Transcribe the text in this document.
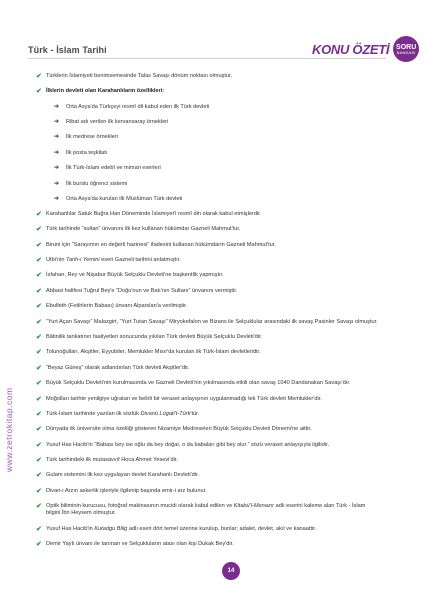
Türk - İslam Tarihi	KONU ÖZETİ SORU
BANKASI
www.zetrokitap.com
✔ Türklerin İslamiyeti benimsemesinde Talas Savaşı dönüm noktası olmuştur.
✔ İlklerin devleti olan Karahanlıların özellikleri:
➔	Orta Asya'da Türkçeyi resmî dil kabul eden ilk Türk devleti
➔	Ribat adı verilen ilk kervansaray örnekleri
➔	İlk medrese örnekleri
➔	İlk posta teşkilatı
➔	İlk Türk-İslam edebî ve mimari eserleri
➔	İlk burslu öğrenci sistemi
➔	Orta Asya'da kurulan ilk Müslüman Türk devleti
✔ Karahanlılar Satuk Buğra Han Döneminde İslamiyet'i resmî din olarak kabul etmişlerdir.
✔ Türk tarihinde “sultan” ünvanını ilk kez kullanan hükümdar Gazneli Mahmut'tur.
✔ Biruni için “Sarayımın en değerli hazinesi” ifadesini kullanan hükümdarın Gazneli Mahmut'tur.
✔ Utbi'nin Tarih-i Yemini eseri Gazneli tarihini anlatmıştır.
✔ İsfahan, Rey ve Nişabur Büyük Selçuklu Devleti'ne başkentlik yapmıştır.
✔ Abbasi halifesi Tuğrul Bey'e “Doğu'nun ve Batı'nın Sultanı” ünvanını vermiştir.
✔ Ebulfeth (Fetihlerin Babası) ünvanı Alparslan'a verilmiştir.
✔ “Yurt Açan Savaşı” Malazgirt, “Yurt Tutan Savaşı” Miryokefalon ve Bizans ile Selçuklular arasındaki ilk savaş Pasinler Savaşı olmuştur.
✔ Bâtinilik tarikatının faaliyetleri sonucunda yıkılan Türk devleti Büyük Selçuklu Devleti'dir.
✔ Tolunoğulları, Akşitler, Eyyubiler, Memlukler Mısır'da kurulan ilk Türk-İslam devletleridir.
✔ “Beyaz Güneş” olarak adlandırılan Türk devleti Akşitler'dir.
✔ Büyük Selçuklu Devleti'nin kurulmasında ve Gazneli Devleti'nin yıkılmasında etkili olan savaş 1040 Dandanakan Savaşı'dır.
✔ Moğolları tarihte yenilgiye uğratan ve belirli bir veraset anlayışının uygulanmadığı tek Türk devleti Memlukler'dir.
✔ Türk-İslam tarihinde yazılan ilk sözlük Divanü Lügati't-Türk'tür.
✔ Dünyada ilk üniversite olma özelliği gösteren Nizamiye Medreseleri Büyük Selçuklu Devleti Dönemi'ne aittir.
✔ Yusuf Has Hacib'in “Babası bey ise oğlu da bey doğar, o da babaları gibi bey olur.” sözü veraset anlayışıyla ilgilidir.
✔ Türk tarihindeki ilk mutasavvıf Hoca Ahmet Yesevi'dir.
✔ Gulam sistemini ilk kez uygulayan devlet Karahanlı Devleti'dir.
✔ Divan-ı Arzın askerlik işleriyle ilgilenip başında emir-i arz bulunur.
✔ Optik biliminin kurucusu, fotoğraf makinasının mucidi olarak kabul edilen ve Kitabü'l-Menazır adlı eserini kaleme alan Türk - İslam
bilgini İbn Heysem olmuştur.
✔ Yusuf Has Hacib'in Kutadgu Bilig adlı eseri dört temel üzerine kurulup, bunlar; adalet, devlet, akıl ve kanaattir.
✔ Demir Yaylı ünvanı ile tanınan ve Selçukluların atası olan kişi Dukak Bey'dir.
14
